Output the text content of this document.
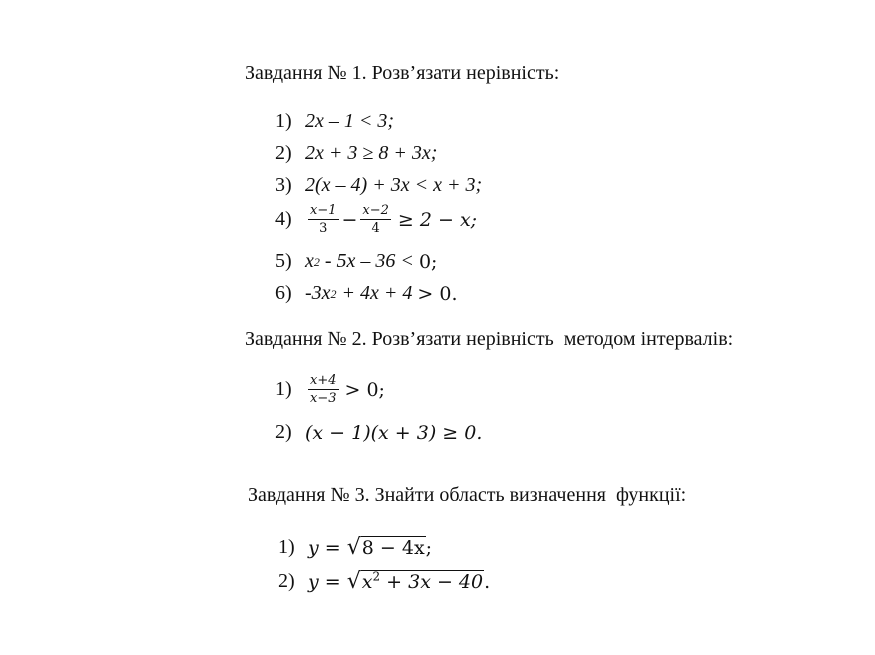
Завдання № 1. Розв’язати нерівність:
1) 2x – 1 < 3;
2) 2x + 3 ≥ 8 + 3x;
3) 2(x – 4) + 3x < x + 3;
4)	$\frac{x-1}{3} - \frac{x-2}{4} \ge 2 - x$;
5) x 2 - 5x – 36 < 0;
6) -3x 2 + 4x + 4 > 0.
Завдання № 2. Розв’язати нерівність  методом інтервалів:
1)	$\frac{x+4}{x-3} > 0$;
2) (x − 1)(x + 3) ≥ 0.
Завдання № 3. Знайти область визначення  функції:
1) y = √ 8 − 4x ;
2) y = √ $x^2 + 3x - 40$ .
